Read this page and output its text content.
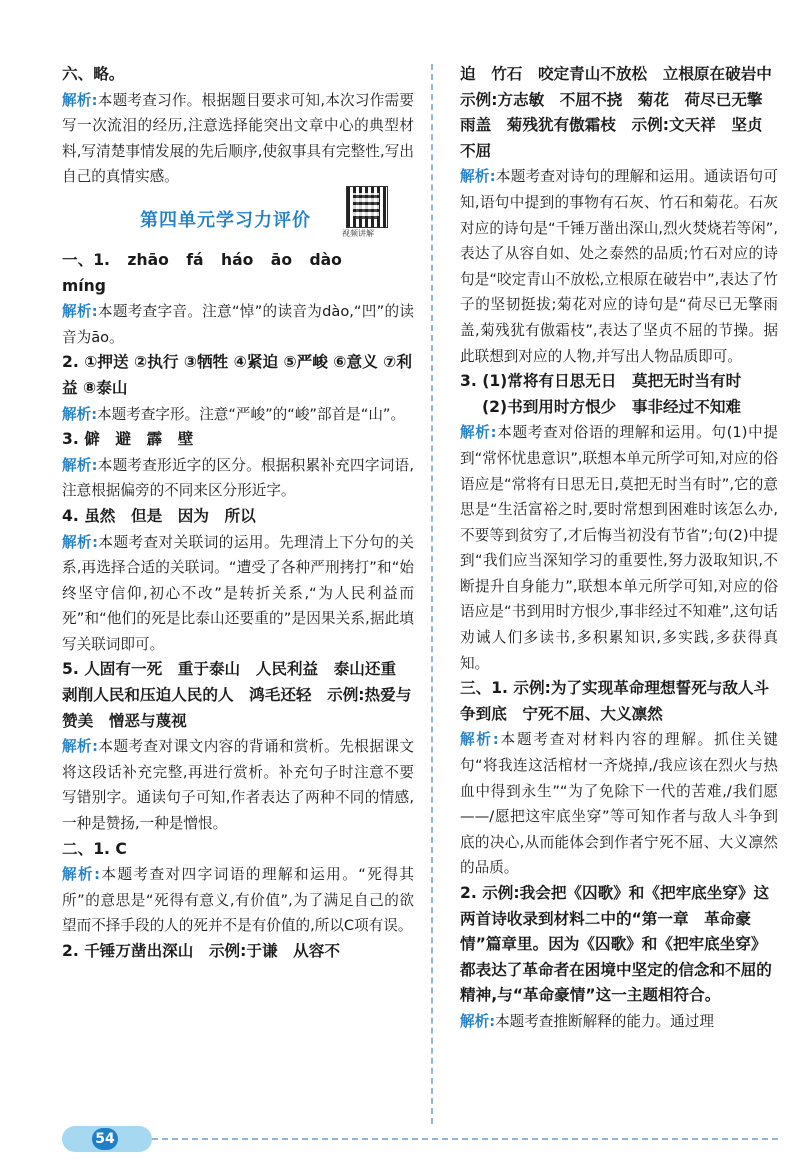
六、略。

解析:本题考查习作。根据题目要求可知,本次习作需要写一次流泪的经历,注意选择能突出文章中心的典型材料,写清楚事情发展的先后顺序,使叙事具有完整性,写出自己的真情实感。

第四单元学习力评价
视频讲解

一、1. zhāo fá háo āo dào míng

解析:本题考查字音。注意“悼”的读音为dào,“凹”的读音为āo。

2. ①押送 ②执行 ③牺牲 ④紧迫 ⑤严峻 ⑥意义 ⑦利益 ⑧泰山

解析:本题考查字形。注意“严峻”的“峻”部首是“山”。

3. 僻　避　霹　壁

解析:本题考查形近字的区分。根据积累补充四字词语,注意根据偏旁的不同来区分形近字。

4. 虽然　但是　因为　所以

解析:本题考查对关联词的运用。先理清上下分句的关系,再选择合适的关联词。“遭受了各种严刑拷打”和“始终坚守信仰,初心不改”是转折关系,“为人民利益而死”和“他们的死是比泰山还要重的”是因果关系,据此填写关联词即可。

5. 人固有一死　重于泰山　人民利益　泰山还重　剥削人民和压迫人民的人　鸿毛还轻　示例:热爱与赞美　憎恶与蔑视

解析:本题考查对课文内容的背诵和赏析。先根据课文将这段话补充完整,再进行赏析。补充句子时注意不要写错别字。通读句子可知,作者表达了两种不同的情感,一种是赞扬,一种是憎恨。

二、1. C

解析:本题考查对四字词语的理解和运用。“死得其所”的意思是“死得有意义,有价值”,为了满足自己的欲望而不择手段的人的死并不是有价值的,所以C项有误。

2. 千锤万凿出深山　示例:于谦　从容不

迫　竹石　咬定青山不放松　立根原在破岩中　示例:方志敏　不屈不挠　菊花　荷尽已无擎雨盖　菊残犹有傲霜枝　示例:文天祥　坚贞不屈

解析:本题考查对诗句的理解和运用。通读语句可知,语句中提到的事物有石灰、竹石和菊花。石灰对应的诗句是“千锤万凿出深山,烈火焚烧若等闲”,表达了从容自如、处之泰然的品质;竹石对应的诗句是“咬定青山不放松,立根原在破岩中”,表达了竹子的坚韧挺拔;菊花对应的诗句是“荷尽已无擎雨盖,菊残犹有傲霜枝”,表达了坚贞不屈的节操。据此联想到对应的人物,并写出人物品质即可。

3. (1)常将有日思无日　莫把无时当有时

(2)书到用时方恨少　事非经过不知难

解析:本题考查对俗语的理解和运用。句(1)中提到“常怀忧患意识”,联想本单元所学可知,对应的俗语应是“常将有日思无日,莫把无时当有时”,它的意思是“生活富裕之时,要时常想到困难时该怎么办,不要等到贫穷了,才后悔当初没有节省”;句(2)中提到“我们应当深知学习的重要性,努力汲取知识,不断提升自身能力”,联想本单元所学可知,对应的俗语应是“书到用时方恨少,事非经过不知难”,这句话劝诫人们多读书,多积累知识,多实践,多获得真知。

三、1. 示例:为了实现革命理想誓死与敌人斗争到底　宁死不屈、大义凛然

解析:本题考查对材料内容的理解。抓住关键句“将我连这活棺材一齐烧掉,/我应该在烈火与热血中得到永生”“为了免除下一代的苦难,/我们愿——/愿把这牢底坐穿”等可知作者与敌人斗争到底的决心,从而能体会到作者宁死不屈、大义凛然的品质。

2. 示例:我会把《囚歌》和《把牢底坐穿》这两首诗收录到材料二中的“第一章　革命豪情”篇章里。因为《囚歌》和《把牢底坐穿》都表达了革命者在困境中坚定的信念和不屈的精神,与“革命豪情”这一主题相符合。

解析:本题考查推断解释的能力。通过理

54
